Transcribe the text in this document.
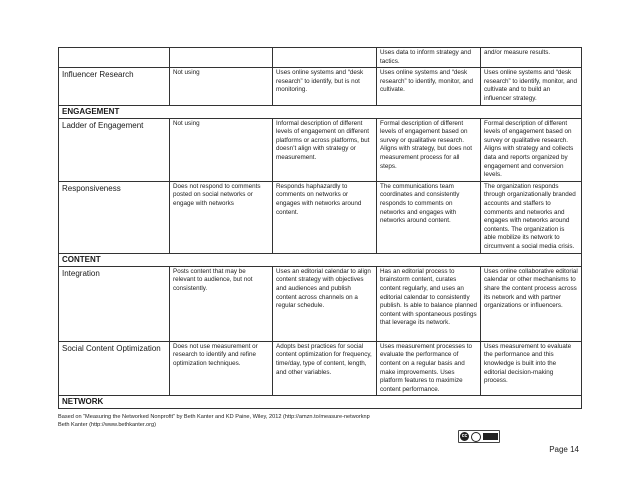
			Uses data to inform strategy and tactics.	and/or measure results.
Influencer Research	Not using	Uses online systems and “desk research” to identify, but is not monitoring.	Uses online systems and “desk research” to identify, monitor, and cultivate.	Uses online systems and “desk research” to identify, monitor, and cultivate and to build an influencer strategy.
ENGAGEMENT				
Ladder of Engagement	Not using	Informal description of different levels of engagement on different platforms or across platforms, but doesn’t align with strategy or measurement.	Formal description of different levels of engagement based on survey or qualitative research. Aligns with strategy, but does not measurement process for all steps.	Formal description of different levels of engagement based on survey or qualitative research. Aligns with strategy and collects data and reports organized by engagement and conversion levels.
Responsiveness	Does not respond to comments posted on social networks or engage with networks	Responds haphazardly to comments on networks or engages with networks around content.	The communications team coordinates and consistently responds to comments on networks and engages with networks around content.	The organization responds through organizationally branded accounts and staffers to comments and networks and engages with networks around contents. The organization is able mobilize its network to circumvent a social media crisis.
CONTENT				
Integration	Posts content that may be relevant to audience, but not consistently.	Uses an editorial calendar to align content strategy with objectives and audiences and publish content across channels on a regular schedule.	Has an editorial process to brainstorm content, curates content regularly, and uses an editorial calendar to consistently publish. Is able to balance planned content with spontaneous postings that leverage its network.	Uses online collaborative editorial calendar or other mechanisms to share the content process across its network and with partner organizations or influencers.
Social Content Optimization	Does not use measurement or research to identify and refine optimization techniques.	Adopts best practices for social content optimization for frequency, time/day, type of content, length, and other variables.	Uses measurement processes to evaluate the performance of content on a regular basis and make improvements. Uses platform features to maximize content performance.	Uses measurement to evaluate the performance and this knowledge is built into the editorial decision-making process.
NETWORK				
Based on “Measuring the Networked Nonprofit” by Beth Kanter and KD Paine, Wiley, 2012 (http://amzn.to/measure-networknp
Beth Kanter (http://www.bethkanter.org)
cc
Page 14
